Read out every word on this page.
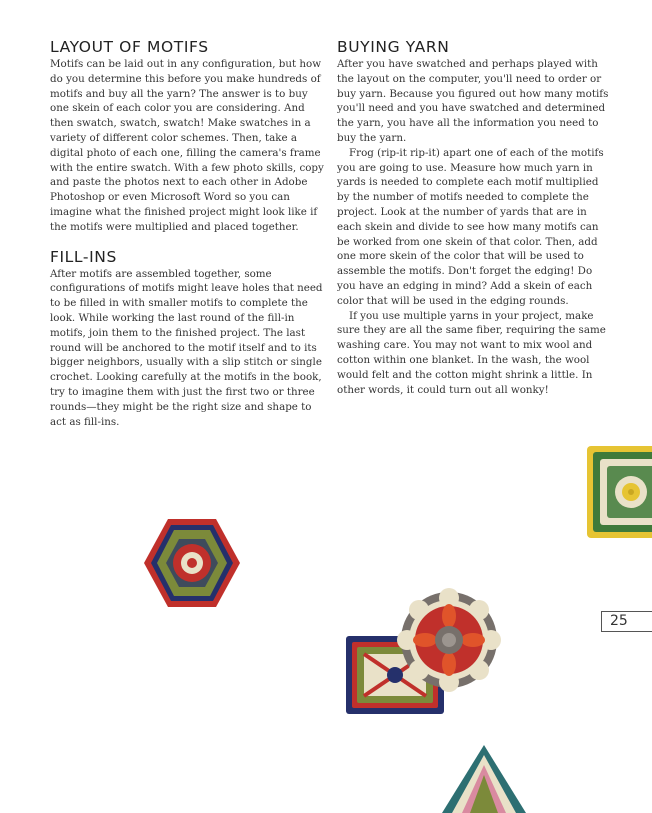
LAYOUT OF MOTIFS

Motifs can be laid out in any configuration, but how do you determine this before you make hundreds of motifs and buy all the yarn? The answer is to buy one skein of each color you are considering. And then swatch, swatch, swatch! Make swatches in a variety of different color schemes. Then, take a digital photo of each one, filling the camera's frame with the entire swatch. With a few photo skills, copy and paste the photos next to each other in Adobe Photoshop or even Microsoft Word so you can imagine what the finished project might look like if the motifs were multiplied and placed together.

FILL-INS

After motifs are assembled together, some configurations of motifs might leave holes that need to be filled in with smaller motifs to complete the look. While working the last round of the fill-in motifs, join them to the finished project. The last round will be anchored to the motif itself and to its bigger neighbors, usually with a slip stitch or single crochet. Looking carefully at the motifs in the book, try to imagine them with just the first two or three rounds—they might be the right size and shape to act as fill-ins.

BUYING YARN

After you have swatched and perhaps played with the layout on the computer, you'll need to order or buy yarn. Because you figured out how many motifs you'll need and you have swatched and determined the yarn, you have all the information you need to buy the yarn.

Frog (rip-it rip-it) apart one of each of the motifs you are going to use. Measure how much yarn in yards is needed to complete each motif multiplied by the number of motifs needed to complete the project. Look at the number of yards that are in each skein and divide to see how many motifs can be worked from one skein of that color. Then, add one more skein of the color that will be used to assemble the motifs. Don't forget the edging! Do you have an edging in mind? Add a skein of each color that will be used in the edging rounds.

If you use multiple yarns in your project, make sure they are all the same fiber, requiring the same washing care. You may not want to mix wool and cotton within one blanket. In the wash, the wool would felt and the cotton might shrink a little. In other words, it could turn out all wonky!

25
PassionForum.ru
